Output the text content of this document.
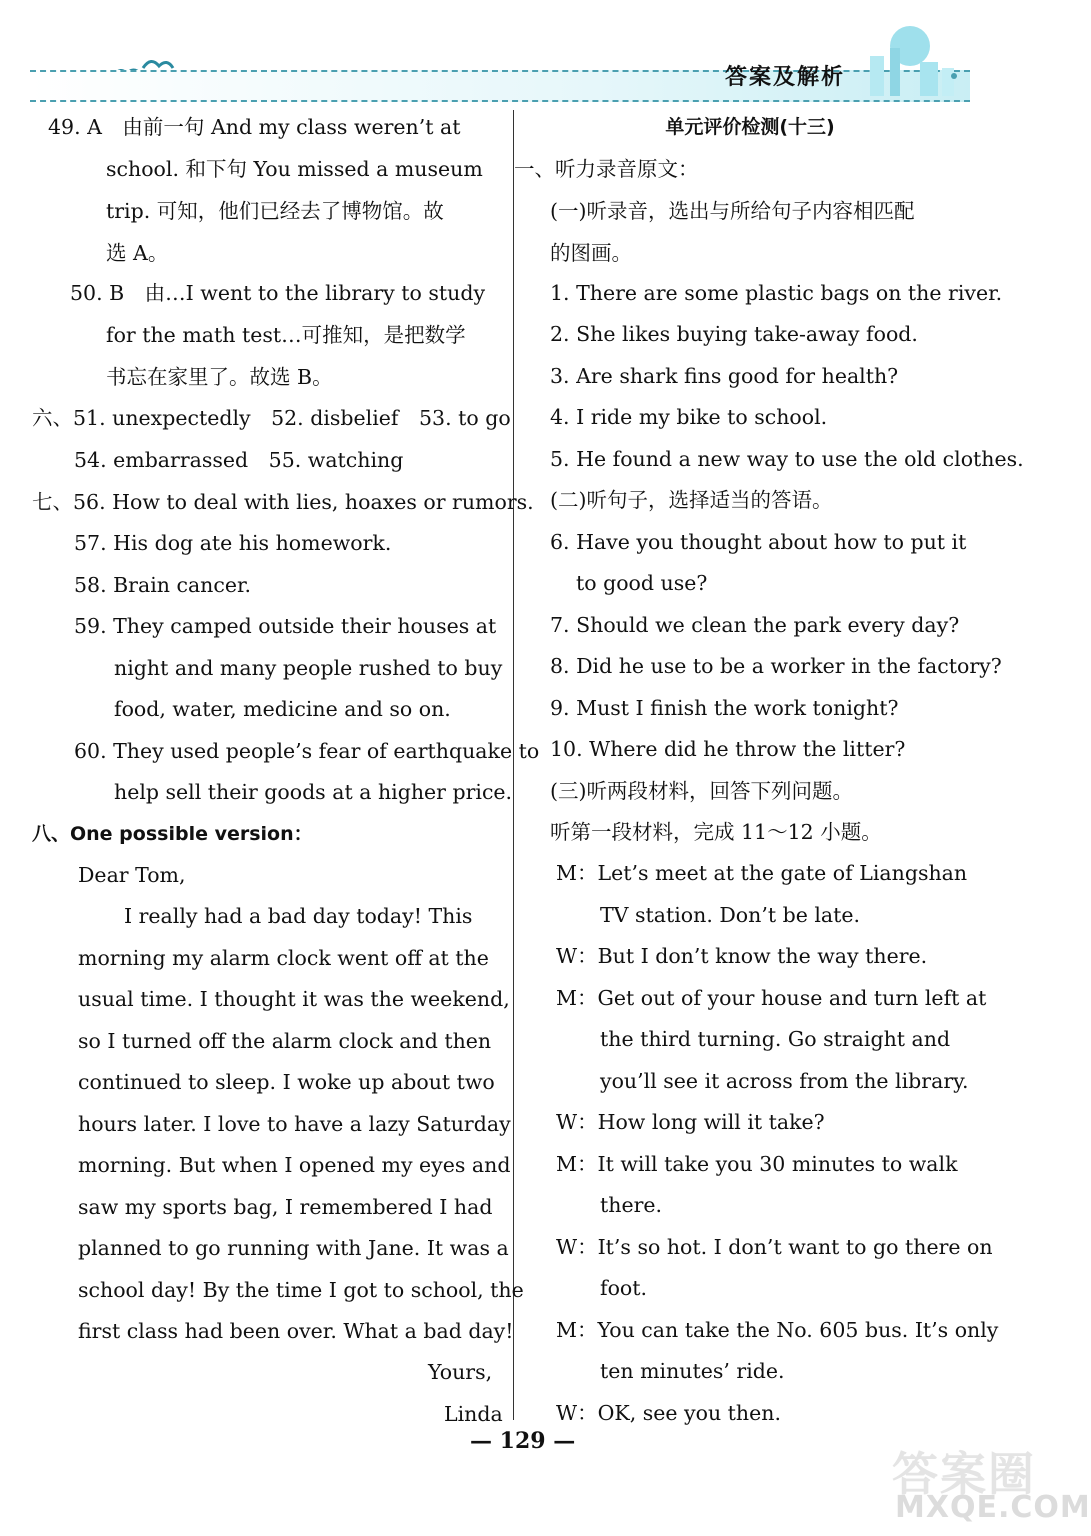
答案及解析
49. A　由前一句 And my class weren’t at
school. 和下句 You missed a museum
trip. 可知，他们已经去了博物馆。故
选 A。
50. B　由…I went to the library to study
for the math test…可推知，是把数学
书忘在家里了。故选 B。
六、51. unexpectedly　52. disbelief　53. to go
54. embarrassed　55. watching
七、56. How to deal with lies, hoaxes or rumors.
57. His dog ate his homework.
58. Brain cancer.
59. They camped outside their houses at
night and many people rushed to buy
food, water, medicine and so on.
60. They used people’s fear of earthquake to
help sell their goods at a higher price.
八、One possible version：
Dear Tom,
I really had a bad day today! This
morning my alarm clock went off at the
usual time. I thought it was the weekend,
so I turned off the alarm clock and then
continued to sleep. I woke up about two
hours later. I love to have a lazy Saturday
morning. But when I opened my eyes and
saw my sports bag, I remembered I had
planned to go running with Jane. It was a
school day! By the time I got to school, the
first class had been over. What a bad day!
Yours,
Linda
单元评价检测(十三)
一、听力录音原文：
(一)听录音，选出与所给句子内容相匹配
的图画。
1. There are some plastic bags on the river.
2. She likes buying take-away food.
3. Are shark fins good for health?
4. I ride my bike to school.
5. He found a new way to use the old clothes.
(二)听句子，选择适当的答语。
6. Have you thought about how to put it
to good use?
7. Should we clean the park every day?
8. Did he use to be a worker in the factory?
9. Must I finish the work tonight?
10. Where did he throw the litter?
(三)听两段材料，回答下列问题。
听第一段材料，完成 11～12 小题。
M：Let’s meet at the gate of Liangshan
TV station. Don’t be late.
W：But I don’t know the way there.
M：Get out of your house and turn left at
the third turning. Go straight and
you’ll see it across from the library.
W：How long will it take?
M：It will take you 30 minutes to walk
there.
W：It’s so hot. I don’t want to go there on
foot.
M：You can take the No. 605 bus. It’s only
ten minutes’ ride.
W：OK, see you then.
— 129 —
答案圈
MXQE.COM
